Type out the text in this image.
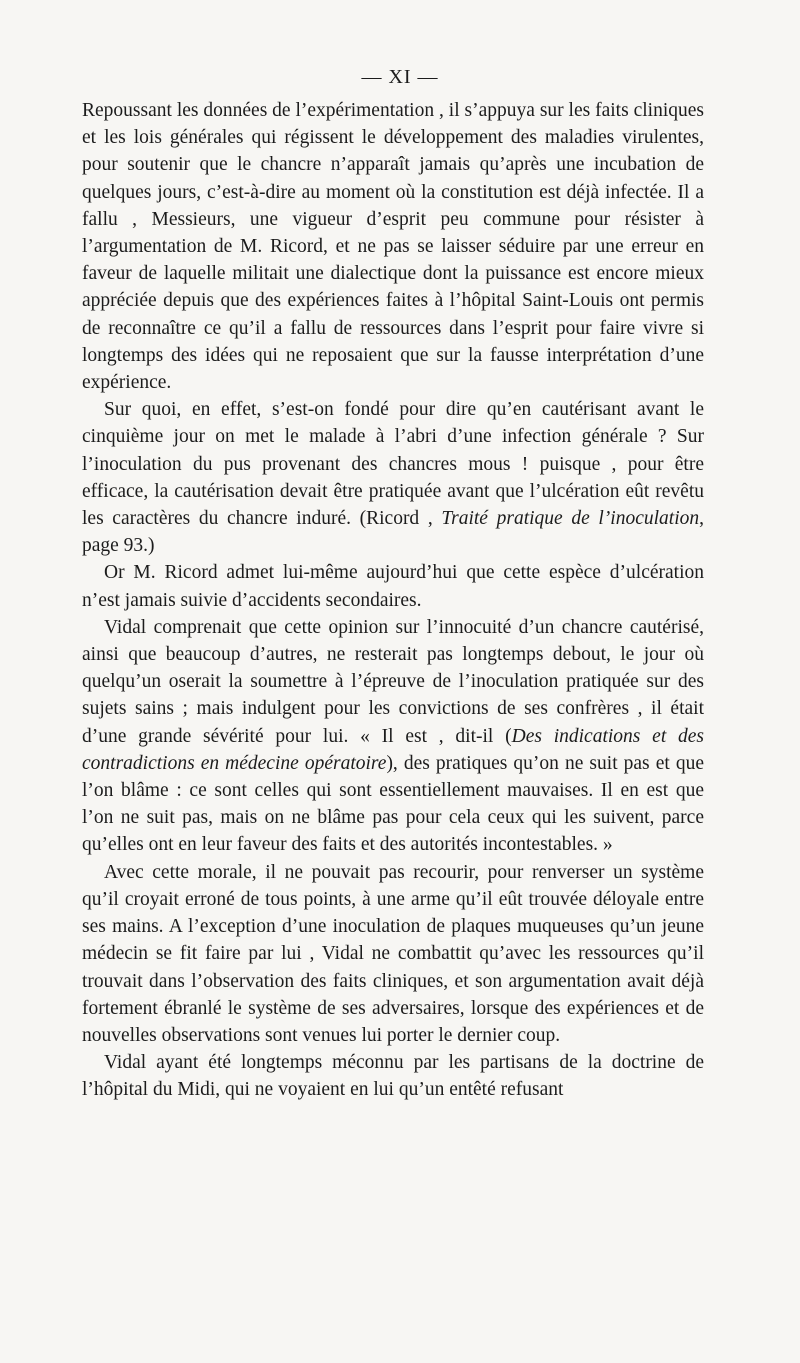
— XI —

Repoussant les données de l’expérimentation , il s’appuya sur les faits cliniques et les lois générales qui régissent le développement des maladies virulentes, pour soutenir que le chancre n’apparaît jamais qu’après une incubation de quelques jours, c’est-à-dire au moment où la constitution est déjà infectée. Il a fallu , Messieurs, une vigueur d’esprit peu commune pour résister à l’argumentation de M. Ricord, et ne pas se laisser séduire par une erreur en faveur de laquelle militait une dialectique dont la puissance est encore mieux appréciée depuis que des expériences faites à l’hôpital Saint-Louis ont permis de reconnaître ce qu’il a fallu de ressources dans l’esprit pour faire vivre si longtemps des idées qui ne reposaient que sur la fausse interprétation d’une expérience.

Sur quoi, en effet, s’est-on fondé pour dire qu’en cautérisant avant le cinquième jour on met le malade à l’abri d’une infection générale ? Sur l’inoculation du pus provenant des chancres mous ! puisque , pour être efficace, la cautérisation devait être pratiquée avant que l’ulcération eût revêtu les caractères du chancre induré. (Ricord , Traité pratique de l’inoculation, page 93.)

Or M. Ricord admet lui-même aujourd’hui que cette espèce d’ulcération n’est jamais suivie d’accidents secondaires.

Vidal comprenait que cette opinion sur l’innocuité d’un chancre cautérisé, ainsi que beaucoup d’autres, ne resterait pas longtemps debout, le jour où quelqu’un oserait la soumettre à l’épreuve de l’inoculation pratiquée sur des sujets sains ; mais indulgent pour les convictions de ses confrères , il était d’une grande sévérité pour lui. « Il est , dit-il (Des indications et des contradictions en médecine opératoire), des pratiques qu’on ne suit pas et que l’on blâme : ce sont celles qui sont essentiellement mauvaises. Il en est que l’on ne suit pas, mais on ne blâme pas pour cela ceux qui les suivent, parce qu’elles ont en leur faveur des faits et des autorités incontestables. »

Avec cette morale, il ne pouvait pas recourir, pour renverser un système qu’il croyait erroné de tous points, à une arme qu’il eût trouvée déloyale entre ses mains. A l’exception d’une inoculation de plaques muqueuses qu’un jeune médecin se fit faire par lui , Vidal ne combattit qu’avec les ressources qu’il trouvait dans l’observation des faits cliniques, et son argumentation avait déjà fortement ébranlé le système de ses adversaires, lorsque des expériences et de nouvelles observations sont venues lui porter le dernier coup.

Vidal ayant été longtemps méconnu par les partisans de la doctrine de l’hôpital du Midi, qui ne voyaient en lui qu’un entêté refusant
